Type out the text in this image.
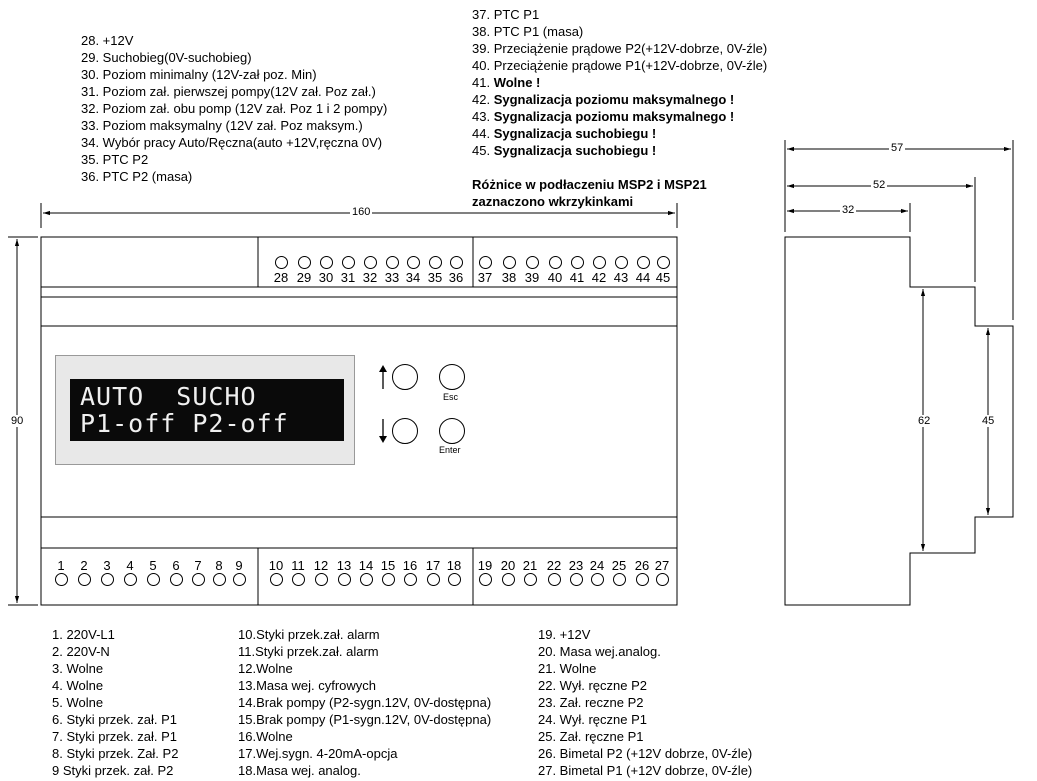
28. +12V
29. Suchobieg(0V-suchobieg)
30. Poziom minimalny (12V-zał poz. Min)
31. Poziom zał. pierwszej pompy(12V zał. Poz zał.)
32. Poziom zał. obu pomp (12V zał. Poz 1 i 2 pompy)
33. Poziom maksymalny (12V zał. Poz maksym.)
34. Wybór pracy Auto/Ręczna(auto +12V,ręczna 0V)
35. PTC P2
36. PTC P2 (masa)
37. PTC P1
38. PTC P1 (masa)
39. Przeciążenie prądowe P2(+12V-dobrze, 0V-źle)
40. Przeciążenie prądowe P1(+12V-dobrze, 0V-źle)
41. Wolne !
42. Sygnalizacja poziomu maksymalnego !
43. Sygnalizacja poziomu maksymalnego !
44. Sygnalizacja suchobiegu !
45. Sygnalizacja suchobiegu !
Różnice w podłaczeniu MSP2 i MSP21
zaznaczono wkrzykinkami
160
90
57
52
32
62	45
28 29 30 31 32 33 34 35 36	37 38 39 40 41 42 43 44 45
1	2	3	4	5	6	7	8 9	10 11 12 13 14 15 16 17 18	19 20 21 22 23 24 25 26 27
AUTO  SUCHO
P1-off P2-off
Esc
Enter
1. 220V-L1
2. 220V-N
3. Wolne
4. Wolne
5. Wolne
6. Styki przek. zał. P1
7. Styki przek. zał. P1
8. Styki przek. Zał. P2
9 Styki przek. zał. P2
10.Styki przek.zał. alarm
11.Styki przek.zał. alarm
12.Wolne
13.Masa wej. cyfrowych
14.Brak pompy (P2-sygn.12V, 0V-dostępna)
15.Brak pompy (P1-sygn.12V, 0V-dostępna)
16.Wolne
17.Wej.sygn. 4-20mA-opcja
18.Masa wej. analog.
19. +12V
20. Masa wej.analog.
21. Wolne
22. Wył. ręczne P2
23. Zał. reczne P2
24. Wył. ręczne P1
25. Zał. ręczne P1
26. Bimetal P2 (+12V dobrze, 0V-źle)
27. Bimetal P1 (+12V dobrze, 0V-źle)
